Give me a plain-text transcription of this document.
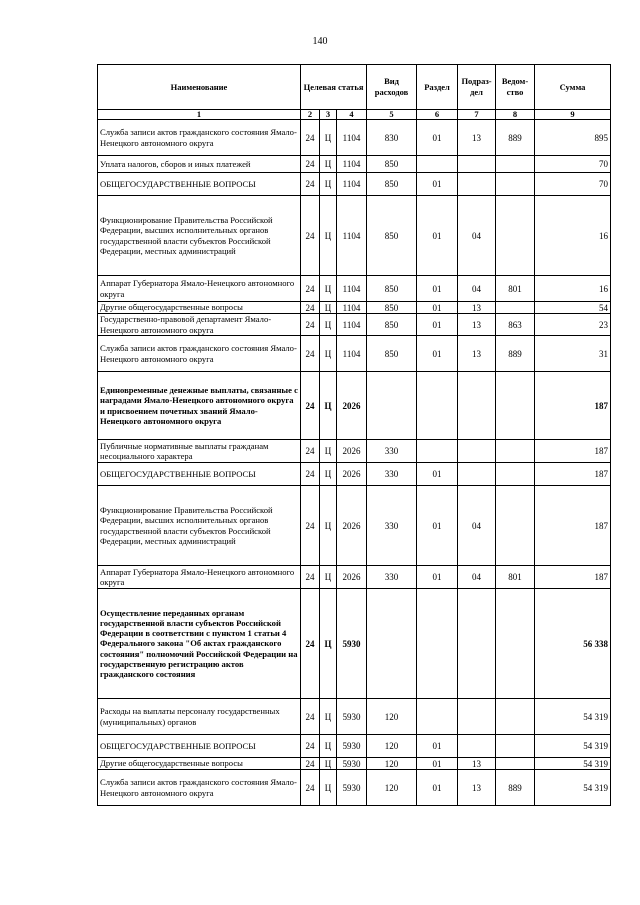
140
Наименование	Целевая статья			Вид расходов	Раздел	Подраз- дел	Ведом- ство	Сумма
1	2	3	4	5	6	7	8	9
Служба записи актов гражданского состояния Ямало-Ненецкого автономного округа	24	Ц	1104	830	01	13	889	895
Уплата налогов, сборов и иных платежей	24	Ц	1104	850				70
ОБЩЕГОСУДАРСТВЕННЫЕ ВОПРОСЫ	24	Ц	1104	850	01			70
Функционирование Правительства Российской Федерации, высших исполнительных органов государственной власти субъектов Российской Федерации, местных администраций	24	Ц	1104	850	01	04		16
Аппарат Губернатора Ямало-Ненецкого автономного округа	24	Ц	1104	850	01	04	801	16
Другие общегосударственные вопросы	24	Ц	1104	850	01	13		54
Государственно-правовой департамент Ямало-Ненецкого автономного округа	24	Ц	1104	850	01	13	863	23
Служба записи актов гражданского состояния Ямало-Ненецкого автономного округа	24	Ц	1104	850	01	13	889	31
Единовременные денежные выплаты, связанные с наградами Ямало-Ненецкого автономного округа и присвоением почетных званий Ямало-Ненецкого автономного округа	24	Ц	2026					187
Публичные нормативные выплаты гражданам несоциального характера	24	Ц	2026	330				187
ОБЩЕГОСУДАРСТВЕННЫЕ ВОПРОСЫ	24	Ц	2026	330	01			187
Функционирование Правительства Российской Федерации, высших исполнительных органов государственной власти субъектов Российской Федерации, местных администраций	24	Ц	2026	330	01	04		187
Аппарат Губернатора Ямало-Ненецкого автономного округа	24	Ц	2026	330	01	04	801	187
Осуществление переданных органам государственной власти субъектов Российской Федерации в соответствии с пунктом 1 статьи 4 Федерального закона "Об актах гражданского состояния" полномочий Российской Федерации на государственную регистрацию актов гражданского состояния	24	Ц	5930					56 338
Расходы на выплаты персоналу государственных (муниципальных) органов	24	Ц	5930	120				54 319
ОБЩЕГОСУДАРСТВЕННЫЕ ВОПРОСЫ	24	Ц	5930	120	01			54 319
Другие общегосударственные вопросы	24	Ц	5930	120	01	13		54 319
Служба записи актов гражданского состояния Ямало-Ненецкого автономного округа	24	Ц	5930	120	01	13	889	54 319
